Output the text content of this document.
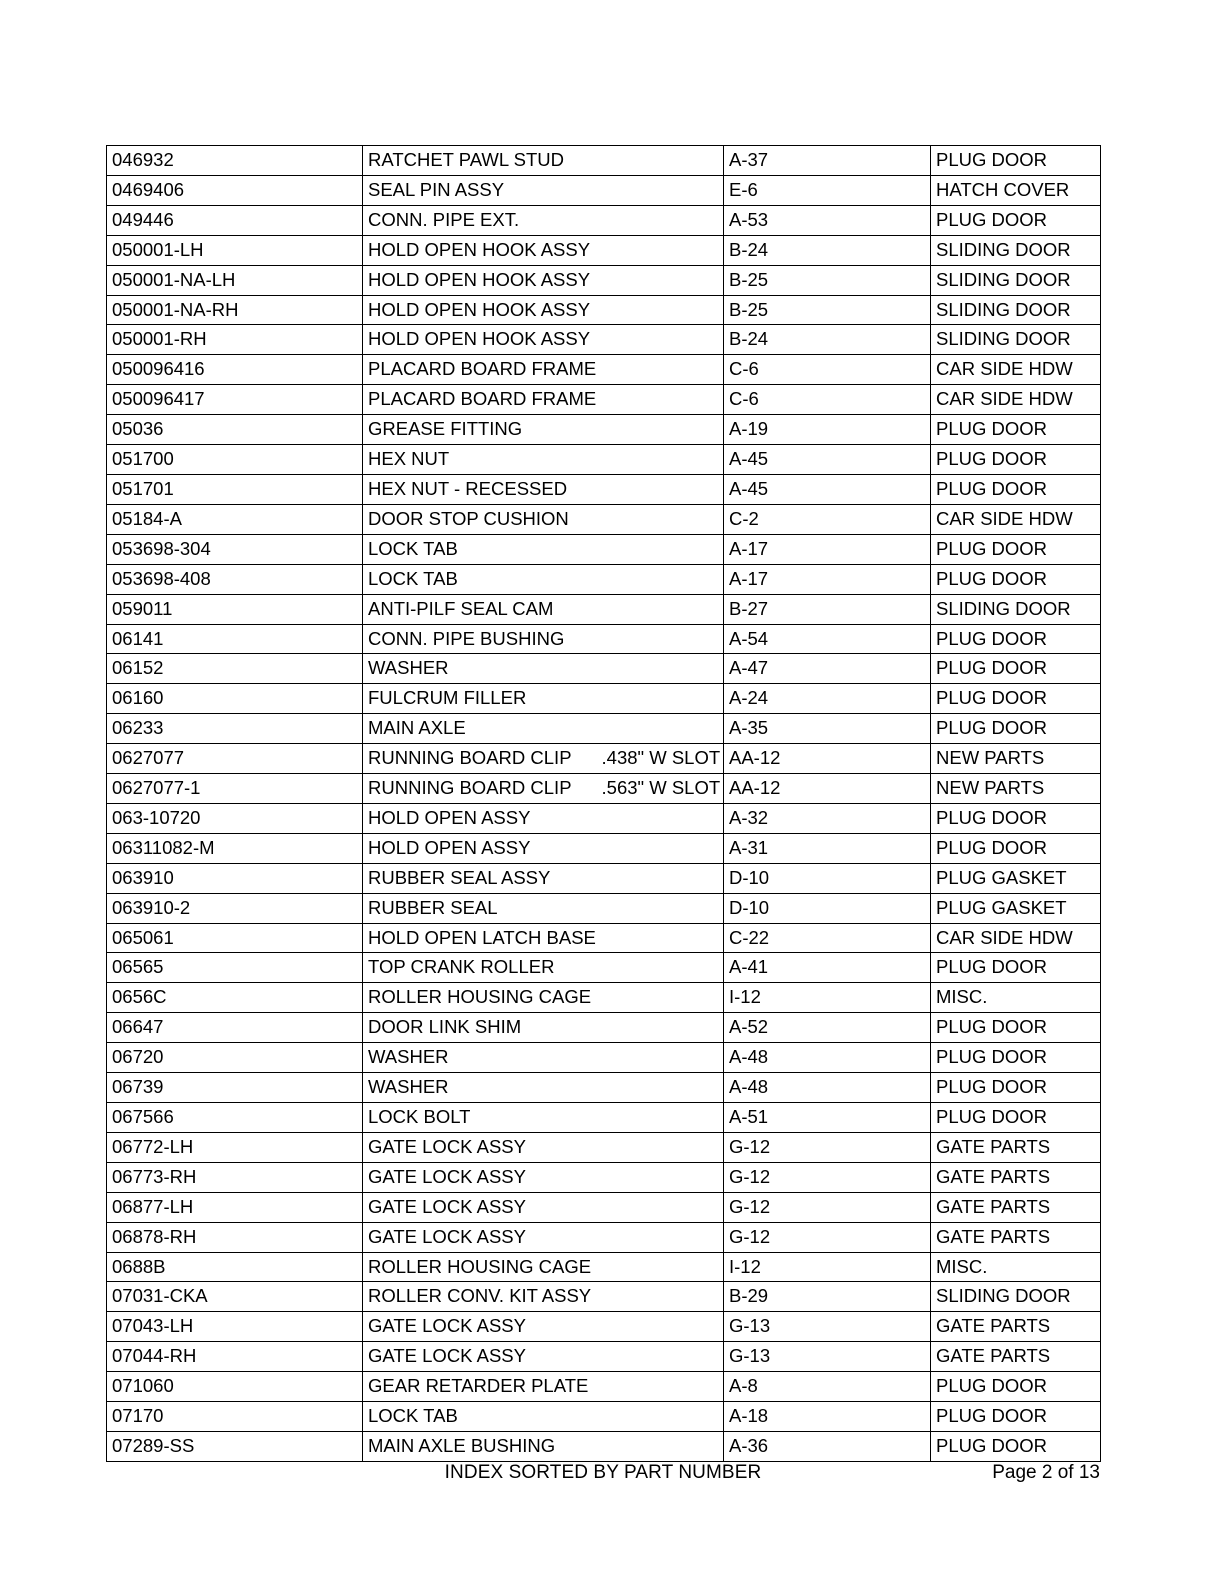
046932	RATCHET PAWL STUD	A-37	PLUG DOOR
0469406	SEAL PIN ASSY	E-6	HATCH COVER
049446	CONN. PIPE EXT.	A-53	PLUG DOOR
050001-LH	HOLD OPEN HOOK ASSY	B-24	SLIDING DOOR
050001-NA-LH	HOLD OPEN HOOK ASSY	B-25	SLIDING DOOR
050001-NA-RH	HOLD OPEN HOOK ASSY	B-25	SLIDING DOOR
050001-RH	HOLD OPEN HOOK ASSY	B-24	SLIDING DOOR
050096416	PLACARD BOARD FRAME	C-6	CAR SIDE HDW
050096417	PLACARD BOARD FRAME	C-6	CAR SIDE HDW
05036	GREASE FITTING	A-19	PLUG DOOR
051700	HEX NUT	A-45	PLUG DOOR
051701	HEX NUT - RECESSED	A-45	PLUG DOOR
05184-A	DOOR STOP CUSHION	C-2	CAR SIDE HDW
053698-304	LOCK TAB	A-17	PLUG DOOR
053698-408	LOCK TAB	A-17	PLUG DOOR
059011	ANTI-PILF SEAL CAM	B-27	SLIDING DOOR
06141	CONN. PIPE BUSHING	A-54	PLUG DOOR
06152	WASHER	A-47	PLUG DOOR
06160	FULCRUM FILLER	A-24	PLUG DOOR
06233	MAIN AXLE	A-35	PLUG DOOR
0627077	RUNNING BOARD CLIP .438" W SLOT	AA-12	NEW PARTS
0627077-1	RUNNING BOARD CLIP .563" W SLOT	AA-12	NEW PARTS
063-10720	HOLD OPEN ASSY	A-32	PLUG DOOR
06311082-M	HOLD OPEN ASSY	A-31	PLUG DOOR
063910	RUBBER SEAL ASSY	D-10	PLUG GASKET
063910-2	RUBBER SEAL	D-10	PLUG GASKET
065061	HOLD OPEN LATCH BASE	C-22	CAR SIDE HDW
06565	TOP CRANK ROLLER	A-41	PLUG DOOR
0656C	ROLLER HOUSING CAGE	I-12	MISC.
06647	DOOR LINK SHIM	A-52	PLUG DOOR
06720	WASHER	A-48	PLUG DOOR
06739	WASHER	A-48	PLUG DOOR
067566	LOCK BOLT	A-51	PLUG DOOR
06772-LH	GATE LOCK ASSY	G-12	GATE PARTS
06773-RH	GATE LOCK ASSY	G-12	GATE PARTS
06877-LH	GATE LOCK ASSY	G-12	GATE PARTS
06878-RH	GATE LOCK ASSY	G-12	GATE PARTS
0688B	ROLLER HOUSING CAGE	I-12	MISC.
07031-CKA	ROLLER CONV. KIT ASSY	B-29	SLIDING DOOR
07043-LH	GATE LOCK ASSY	G-13	GATE PARTS
07044-RH	GATE LOCK ASSY	G-13	GATE PARTS
071060	GEAR RETARDER PLATE	A-8	PLUG DOOR
07170	LOCK TAB	A-18	PLUG DOOR
07289-SS	MAIN AXLE BUSHING	A-36	PLUG DOOR
INDEX SORTED BY PART NUMBER	Page 2 of 13
